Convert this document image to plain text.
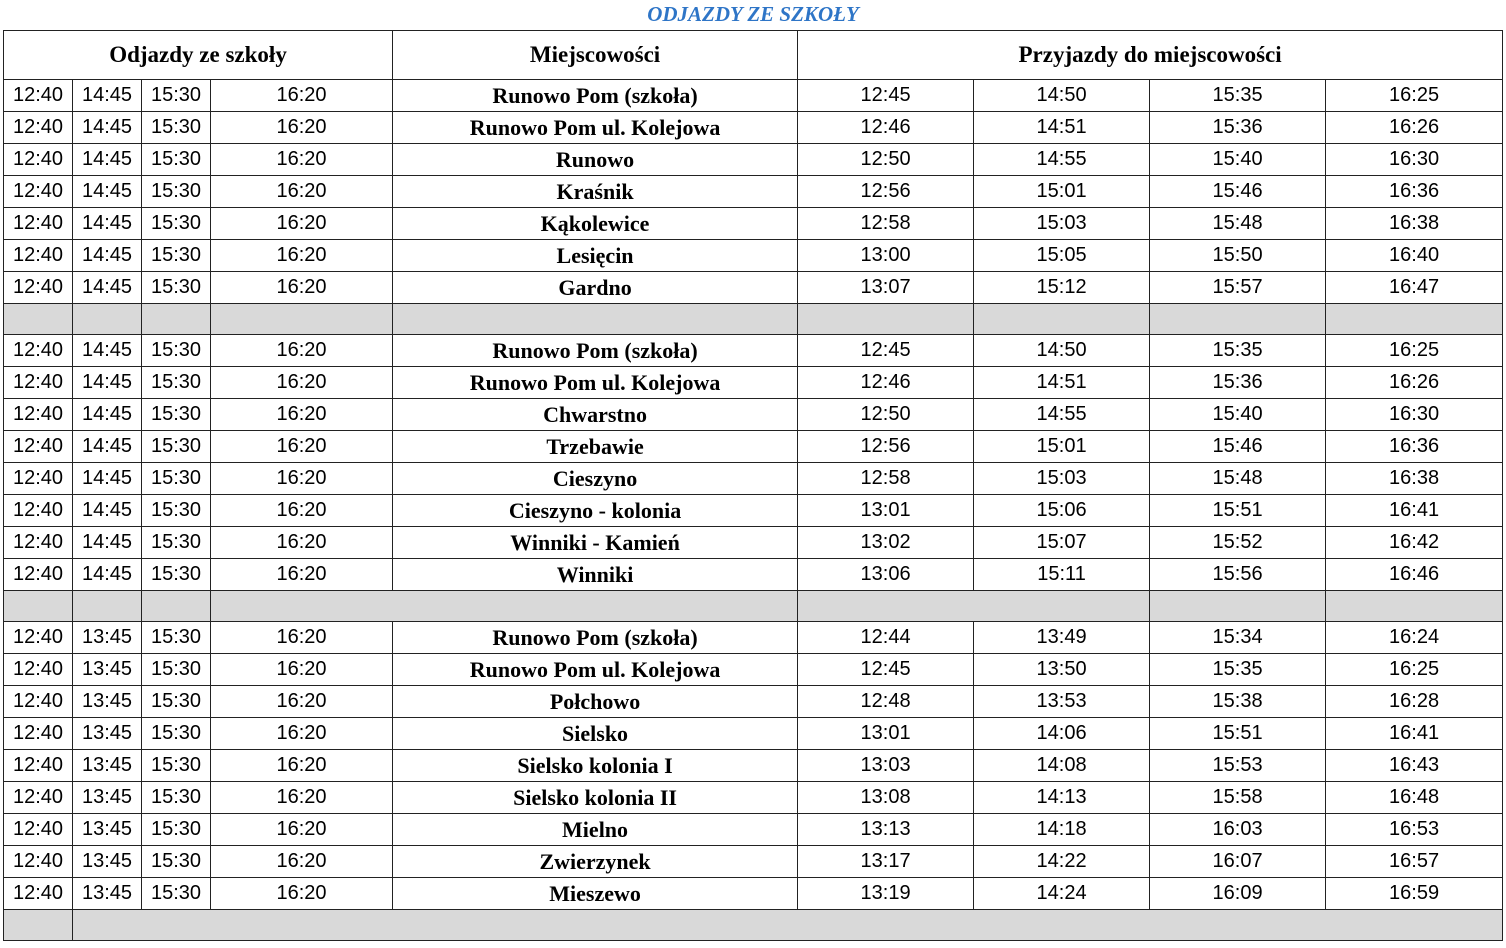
ODJAZDY ZE SZKOŁY
Odjazdy ze szkoły				Miejscowości	Przyjazdy do miejscowości				
12:40	14:45	15:30	16:20	Runowo Pom (szkoła)	12:45	14:50	15:35	16:25	
12:40	14:45	15:30	16:20	Runowo Pom ul. Kolejowa	12:46	14:51	15:36	16:26	
12:40	14:45	15:30	16:20	Runowo	12:50	14:55	15:40	16:30	
12:40	14:45	15:30	16:20	Kraśnik	12:56	15:01	15:46	16:36	
12:40	14:45	15:30	16:20	Kąkolewice	12:58	15:03	15:48	16:38	
12:40	14:45	15:30	16:20	Lesięcin	13:00	15:05	15:50	16:40	
12:40	14:45	15:30	16:20	Gardno	13:07	15:12	15:57	16:47	

12:40	14:45	15:30	16:20	Runowo Pom (szkoła)	12:45	14:50	15:35	16:25	
12:40	14:45	15:30	16:20	Runowo Pom ul. Kolejowa	12:46	14:51	15:36	16:26	
12:40	14:45	15:30	16:20	Chwarstno	12:50	14:55	15:40	16:30	
12:40	14:45	15:30	16:20	Trzebawie	12:56	15:01	15:46	16:36	
12:40	14:45	15:30	16:20	Cieszyno	12:58	15:03	15:48	16:38	
12:40	14:45	15:30	16:20	Cieszyno - kolonia	13:01	15:06	15:51	16:41	
12:40	14:45	15:30	16:20	Winniki - Kamień	13:02	15:07	15:52	16:42	
12:40	14:45	15:30	16:20	Winniki	13:06	15:11	15:56	16:46	

12:40	13:45	15:30	16:20	Runowo Pom (szkoła)	12:44	13:49	15:34	16:24	
12:40	13:45	15:30	16:20	Runowo Pom ul. Kolejowa	12:45	13:50	15:35	16:25	
12:40	13:45	15:30	16:20	Połchowo	12:48	13:53	15:38	16:28	
12:40	13:45	15:30	16:20	Sielsko	13:01	14:06	15:51	16:41	
12:40	13:45	15:30	16:20	Sielsko kolonia I	13:03	14:08	15:53	16:43	
12:40	13:45	15:30	16:20	Sielsko kolonia II	13:08	14:13	15:58	16:48	
12:40	13:45	15:30	16:20	Mielno	13:13	14:18	16:03	16:53	
12:40	13:45	15:30	16:20	Zwierzynek	13:17	14:22	16:07	16:57	
12:40	13:45	15:30	16:20	Mieszewo	13:19	14:24	16:09	16:59	
